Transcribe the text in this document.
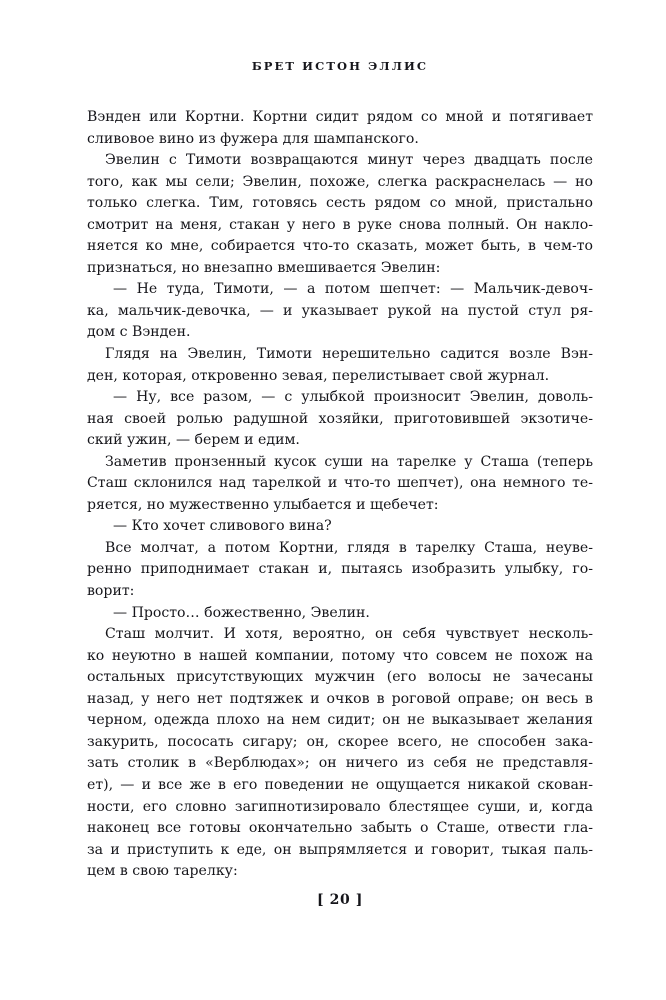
БРЕТ ИСТОН ЭЛЛИС
Вэнден или Кортни. Кортни сидит рядом со мной и потягивает
сливовое вино из фужера для шампанского.
Эвелин с Тимоти возвращаются минут через двадцать после
того, как мы сели; Эвелин, похоже, слегка раскраснелась — но
только слегка. Тим, готовясь сесть рядом со мной, пристально
смотрит на меня, стакан у него в руке снова полный. Он накло-
няется ко мне, собирается что-то сказать, может быть, в чем-то
признаться, но внезапно вмешивается Эвелин:
— Не туда, Тимоти, — а потом шепчет: — Мальчик-девоч-
ка, мальчик-девочка, — и указывает рукой на пустой стул ря-
дом с Вэнден.
Глядя на Эвелин, Тимоти нерешительно садится возле Вэн-
ден, которая, откровенно зевая, перелистывает свой журнал.
— Ну, все разом, — с улыбкой произносит Эвелин, доволь-
ная своей ролью радушной хозяйки, приготовившей экзотиче-
ский ужин, — берем и едим.
Заметив пронзенный кусок суши на тарелке у Сташа (теперь
Сташ склонился над тарелкой и что-то шепчет), она немного те-
ряется, но мужественно улыбается и щебечет:
— Кто хочет сливового вина?
Все молчат, а потом Кортни, глядя в тарелку Сташа, неуве-
ренно приподнимает стакан и, пытаясь изобразить улыбку, го-
ворит:
— Просто… божественно, Эвелин.
Сташ молчит. И хотя, вероятно, он себя чувствует несколь-
ко неуютно в нашей компании, потому что совсем не похож на
остальных присутствующих мужчин (его волосы не зачесаны
назад, у него нет подтяжек и очков в роговой оправе; он весь в
черном, одежда плохо на нем сидит; он не выказывает желания
закурить, пососать сигару; он, скорее всего, не способен зака-
зать столик в «Верблюдах»; он ничего из себя не представля-
ет), — и все же в его поведении не ощущается никакой скован-
ности, его словно загипнотизировало блестящее суши, и, когда
наконец все готовы окончательно забыть о Сташе, отвести гла-
за и приступить к еде, он выпрямляется и говорит, тыкая паль-
цем в свою тарелку:
[ 20 ]
